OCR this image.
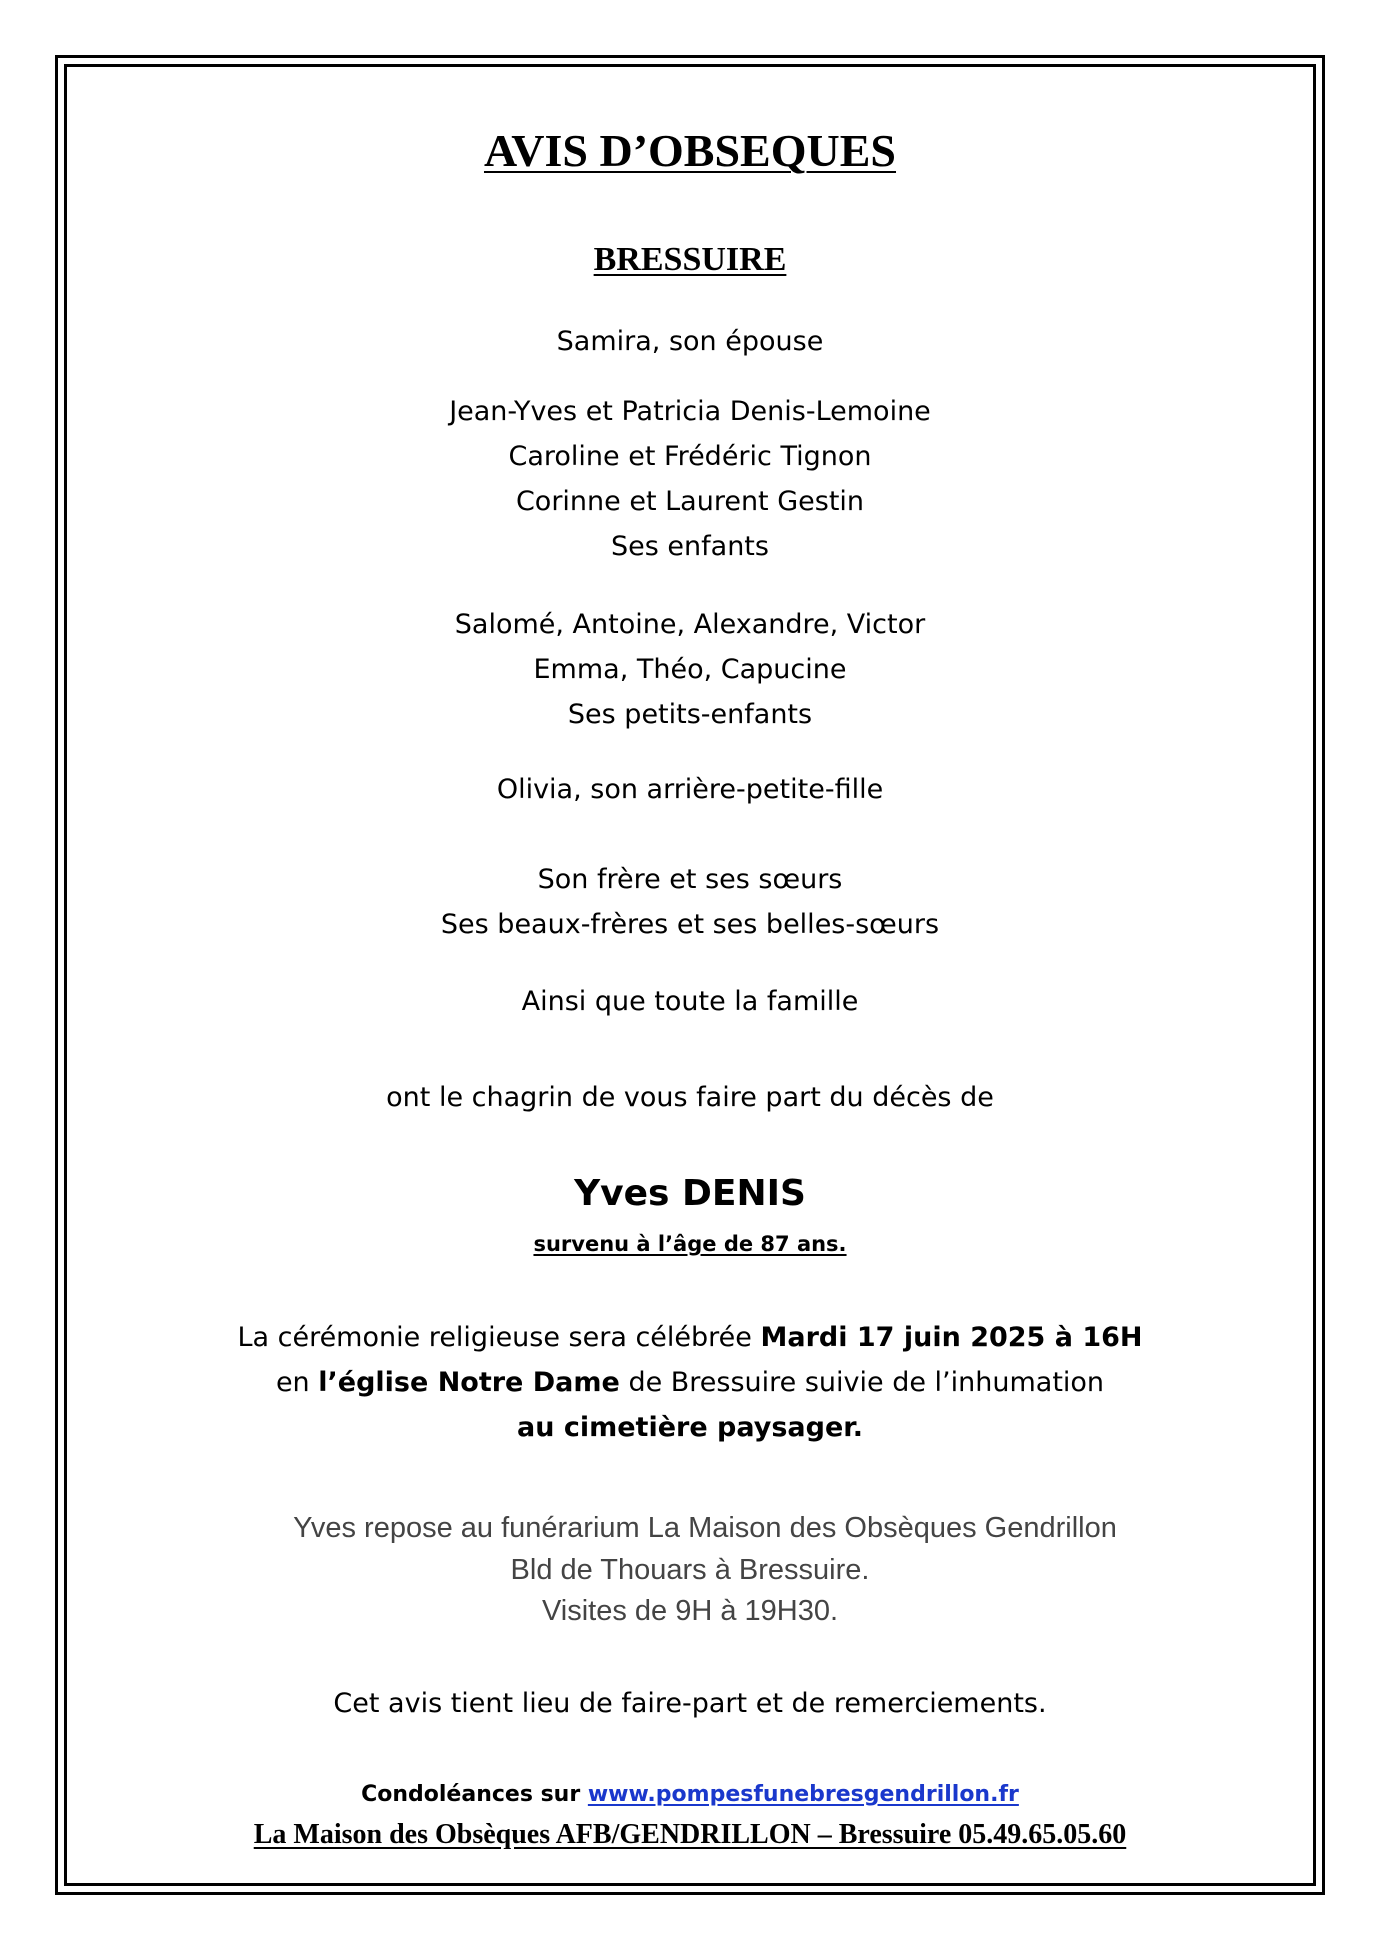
AVIS D’OBSEQUES
BRESSUIRE
Samira, son épouse
Jean-Yves et Patricia Denis-Lemoine
Caroline et Frédéric Tignon
Corinne et Laurent Gestin
Ses enfants
Salomé, Antoine, Alexandre, Victor
Emma, Théo, Capucine
Ses petits-enfants
Olivia, son arrière-petite-fille
Son frère et ses sœurs
Ses beaux-frères et ses belles-sœurs
Ainsi que toute la famille
ont le chagrin de vous faire part du décès de
Yves DENIS
survenu à l’âge de 87 ans.
La cérémonie religieuse sera célébrée Mardi 17 juin 2025 à 16H
en l’église Notre Dame de Bressuire suivie de l’inhumation
au cimetière paysager.
Yves repose au funérarium La Maison des Obsèques Gendrillon
Bld de Thouars à Bressuire.
Visites de 9H à 19H30.
Cet avis tient lieu de faire-part et de remerciements.
Condoléances sur www.pompesfunebresgendrillon.fr
La Maison des Obsèques AFB/GENDRILLON – Bressuire 05.49.65.05.60
